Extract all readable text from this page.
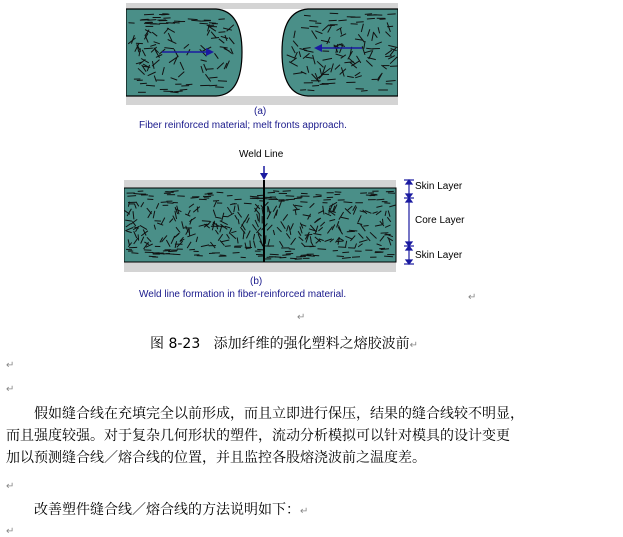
(a)
Fiber reinforced material; melt fronts approach.
Weld Line
Skin Layer
Core Layer
Skin Layer
(b)
Weld line formation in fiber-reinforced material.	↵
↵
图 8-23   添加纤维的强化塑料之熔胶波前↵
↵
↵
假如缝合线在充填完全以前形成，而且立即进行保压，结果的缝合线较不明显，
而且强度较强。对于复杂几何形状的塑件，流动分析模拟可以针对模具的设计变更
加以预测缝合线／熔合线的位置，并且监控各股熔浇波前之温度差。
↵
改善塑件缝合线／熔合线的方法说明如下：↵
↵
